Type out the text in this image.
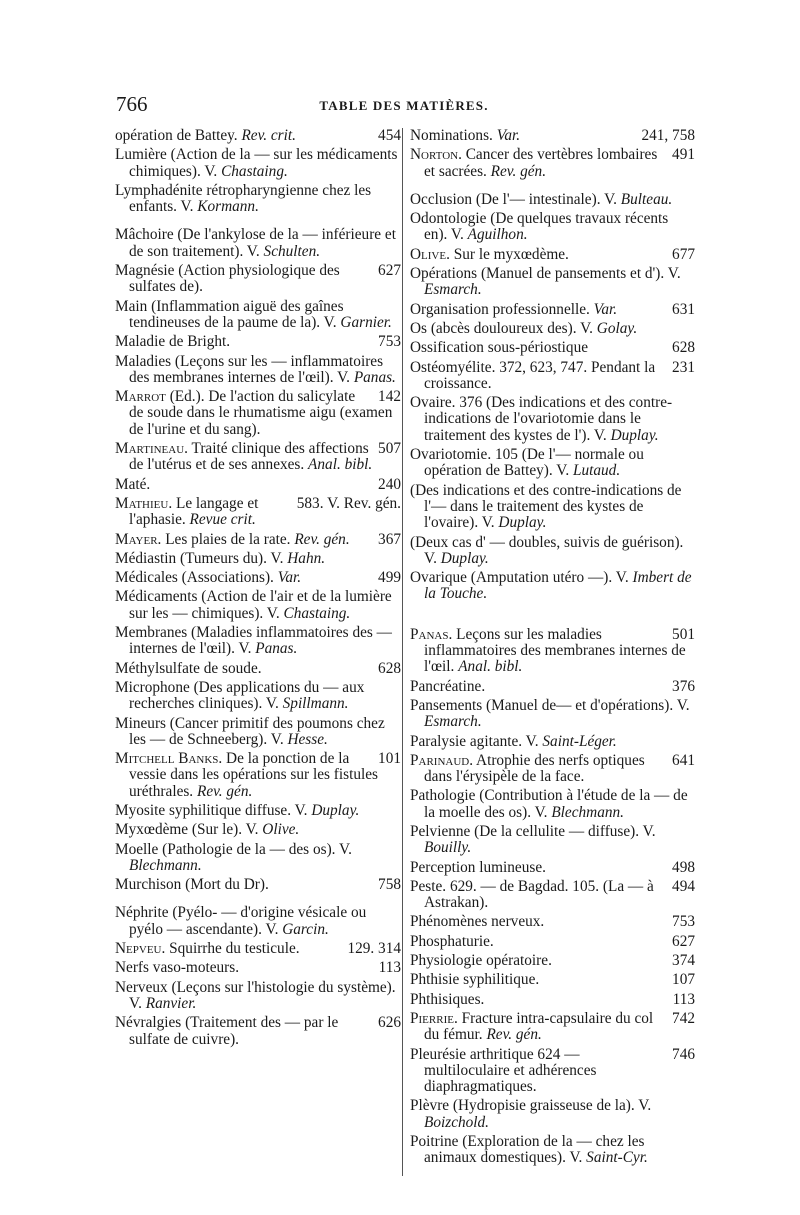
766	TABLE DES MATIÈRES.

454
opération de Battey. Rev. crit.

Lumière (Action de la — sur les médicaments chimiques). V. Chastaing.

Lymphadénite rétropharyngienne chez les enfants. V. Kormann.

Mâchoire (De l'ankylose de la — inférieure et de son traitement). V. Schulten.

627
Magnésie (Action physiologique des sulfates de).

Main (Inflammation aiguë des gaînes tendineuses de la paume de la). V. Garnier.

753
Maladie de Bright.

Maladies (Leçons sur les — inflammatoires des membranes internes de l'œil). V. Panas.

142
Marrot (Ed.). De l'action du salicylate de soude dans le rhumatisme aigu (examen de l'urine et du sang).

507
Martineau. Traité clinique des affections de l'utérus et de ses annexes. Anal. bibl.

240
Maté.

583. V. Rev. gén.
Mathieu. Le langage et l'aphasie. Revue crit.

367
Mayer. Les plaies de la rate. Rev. gén.

Médiastin (Tumeurs du). V. Hahn.

499
Médicales (Associations). Var.

Médicaments (Action de l'air et de la lumière sur les — chimiques). V. Chastaing.

Membranes (Maladies inflammatoires des — internes de l'œil). V. Panas.

628
Méthylsulfate de soude.

Microphone (Des applications du — aux recherches cliniques). V. Spillmann.

Mineurs (Cancer primitif des poumons chez les — de Schneeberg). V. Hesse.

101
Mitchell Banks. De la ponction de la vessie dans les opérations sur les fistules uréthrales. Rev. gén.

Myosite syphilitique diffuse. V. Duplay.

Myxœdème (Sur le). V. Olive.

Moelle (Pathologie de la — des os). V. Blechmann.

758
Murchison (Mort du Dr).

Néphrite (Pyélo- — d'origine vésicale ou pyélo — ascendante). V. Garcin.

129. 314
Nepveu. Squirrhe du testicule.

113
Nerfs vaso-moteurs.

Nerveux (Leçons sur l'histologie du système). V. Ranvier.

626
Névralgies (Traitement des — par le sulfate de cuivre).

241, 758
Nominations. Var.

491
Norton. Cancer des vertèbres lombaires et sacrées. Rev. gén.

Occlusion (De l'— intestinale). V. Bulteau.

Odontologie (De quelques travaux récents en). V. Aguilhon.

677
Olive. Sur le myxœdème.

Opérations (Manuel de pansements et d'). V. Esmarch.

631
Organisation professionnelle. Var.

Os (abcès douloureux des). V. Golay.

628
Ossification sous-périostique

231
Ostéomyélite. 372, 623, 747. Pendant la croissance.

Ovaire. 376 (Des indications et des contre-indications de l'ovariotomie dans le traitement des kystes de l'). V. Duplay.

Ovariotomie. 105 (De l'— normale ou opération de Battey). V. Lutaud.

(Des indications et des contre-indications de l'— dans le traitement des kystes de l'ovaire). V. Duplay.

(Deux cas d' — doubles, suivis de guérison). V. Duplay.

Ovarique (Amputation utéro —). V. Imbert de la Touche.

501
Panas. Leçons sur les maladies inflammatoires des membranes internes de l'œil. Anal. bibl.

376
Pancréatine.

Pansements (Manuel de— et d'opérations). V. Esmarch.

Paralysie agitante. V. Saint-Léger.

641
Parinaud. Atrophie des nerfs optiques dans l'érysipèle de la face.

Pathologie (Contribution à l'étude de la — de la moelle des os). V. Blechmann.

Pelvienne (De la cellulite — diffuse). V. Bouilly.

498
Perception lumineuse.

494
Peste. 629. — de Bagdad. 105. (La — à Astrakan).

753
Phénomènes nerveux.

627
Phosphaturie.

374
Physiologie opératoire.

107
Phthisie syphilitique.

113
Phthisiques.

742
Pierrie. Fracture intra-capsulaire du col du fémur. Rev. gén.

746
Pleurésie arthritique 624 — multiloculaire et adhérences diaphragmatiques.

Plèvre (Hydropisie graisseuse de la). V. Boizchold.

Poitrine (Exploration de la — chez les animaux domestiques). V. Saint-Cyr.
